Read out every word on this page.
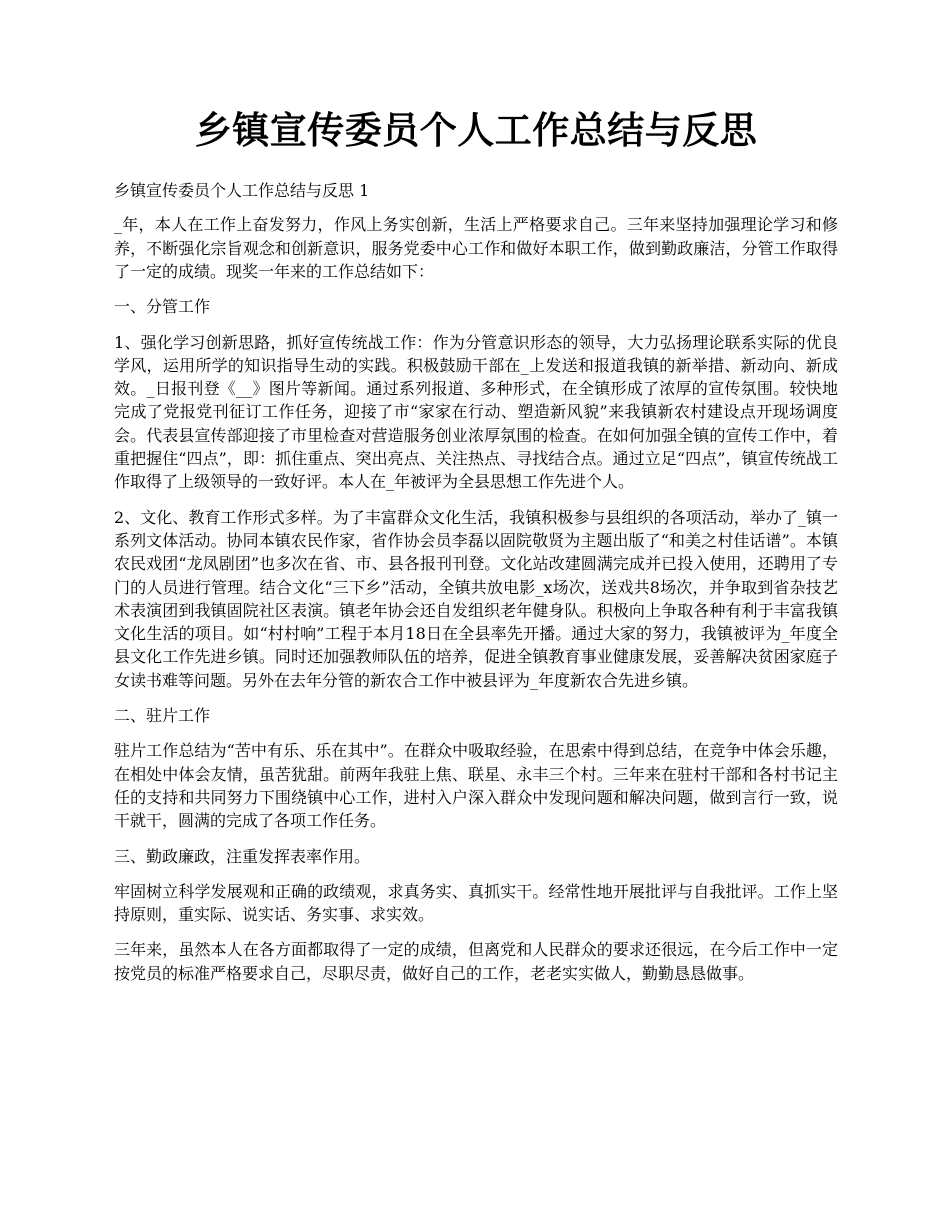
乡镇宣传委员个人工作总结与反思

乡镇宣传委员个人工作总结与反思 1

_年，本人在工作上奋发努力，作风上务实创新，生活上严格要求自己。三年来坚持加强理论学习和修养，不断强化宗旨观念和创新意识，服务党委中心工作和做好本职工作，做到勤政廉洁，分管工作取得了一定的成绩。现奖一年来的工作总结如下：

一、分管工作

1、强化学习创新思路，抓好宣传统战工作：作为分管意识形态的领导，大力弘扬理论联系实际的优良学风，运用所学的知识指导生动的实践。积极鼓励干部在_上发送和报道我镇的新举措、新动向、新成效。_日报刊登《__》图片等新闻。通过系列报道、多种形式，在全镇形成了浓厚的宣传氛围。较快地完成了党报党刊征订工作任务，迎接了市“家家在行动、塑造新风貌”来我镇新农村建设点开现场调度会。代表县宣传部迎接了市里检查对营造服务创业浓厚氛围的检查。在如何加强全镇的宣传工作中，着重把握住“四点”，即：抓住重点、突出亮点、关注热点、寻找结合点。通过立足“四点”，镇宣传统战工作取得了上级领导的一致好评。本人在_年被评为全县思想工作先进个人。

2、文化、教育工作形式多样。为了丰富群众文化生活，我镇积极参与县组织的各项活动，举办了_镇一系列文体活动。协同本镇农民作家，省作协会员李磊以固院敬贤为主题出版了“和美之村佳话谱”。本镇农民戏团“龙凤剧团”也多次在省、市、县各报刊刊登。文化站改建圆满完成并已投入使用，还聘用了专门的人员进行管理。结合文化“三下乡”活动，全镇共放电影_x场次，送戏共8场次，并争取到省杂技艺术表演团到我镇固院社区表演。镇老年协会还自发组织老年健身队。积极向上争取各种有利于丰富我镇文化生活的项目。如“村村响”工程于本月18日在全县率先开播。通过大家的努力，我镇被评为_年度全县文化工作先进乡镇。同时还加强教师队伍的培养，促进全镇教育事业健康发展，妥善解决贫困家庭子女读书难等问题。另外在去年分管的新农合工作中被县评为_年度新农合先进乡镇。

二、驻片工作

驻片工作总结为“苦中有乐、乐在其中”。在群众中吸取经验，在思索中得到总结，在竞争中体会乐趣，在相处中体会友情，虽苦犹甜。前两年我驻上焦、联星、永丰三个村。三年来在驻村干部和各村书记主任的支持和共同努力下围绕镇中心工作，进村入户深入群众中发现问题和解决问题，做到言行一致，说干就干，圆满的完成了各项工作任务。

三、勤政廉政，注重发挥表率作用。

牢固树立科学发展观和正确的政绩观，求真务实、真抓实干。经常性地开展批评与自我批评。工作上坚持原则，重实际、说实话、务实事、求实效。

三年来，虽然本人在各方面都取得了一定的成绩，但离党和人民群众的要求还很远，在今后工作中一定按党员的标准严格要求自己，尽职尽责，做好自己的工作，老老实实做人，勤勤恳恳做事。
